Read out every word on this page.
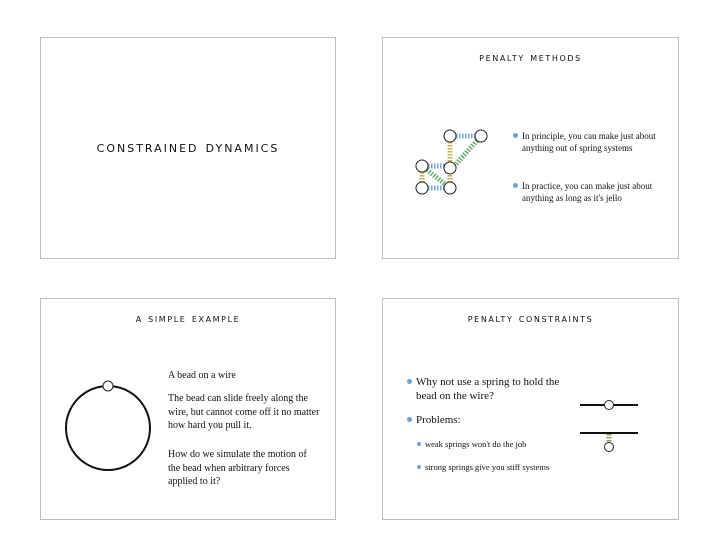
constrained dynamics
penalty methods
In principle, you can make just about anything out of spring systems
In practice, you can make just about anything as long as it's jello
a simple example
A bead on a wire
The bead can slide freely along the wire, but cannot come off it no matter how hard you pull it.
How do we simulate the motion of the bead when arbitrary forces applied to it?
penalty constraints
Why not use a spring to hold the bead on the wire?
Problems:
weak springs won't do the job
strong springs give you stiff systems
